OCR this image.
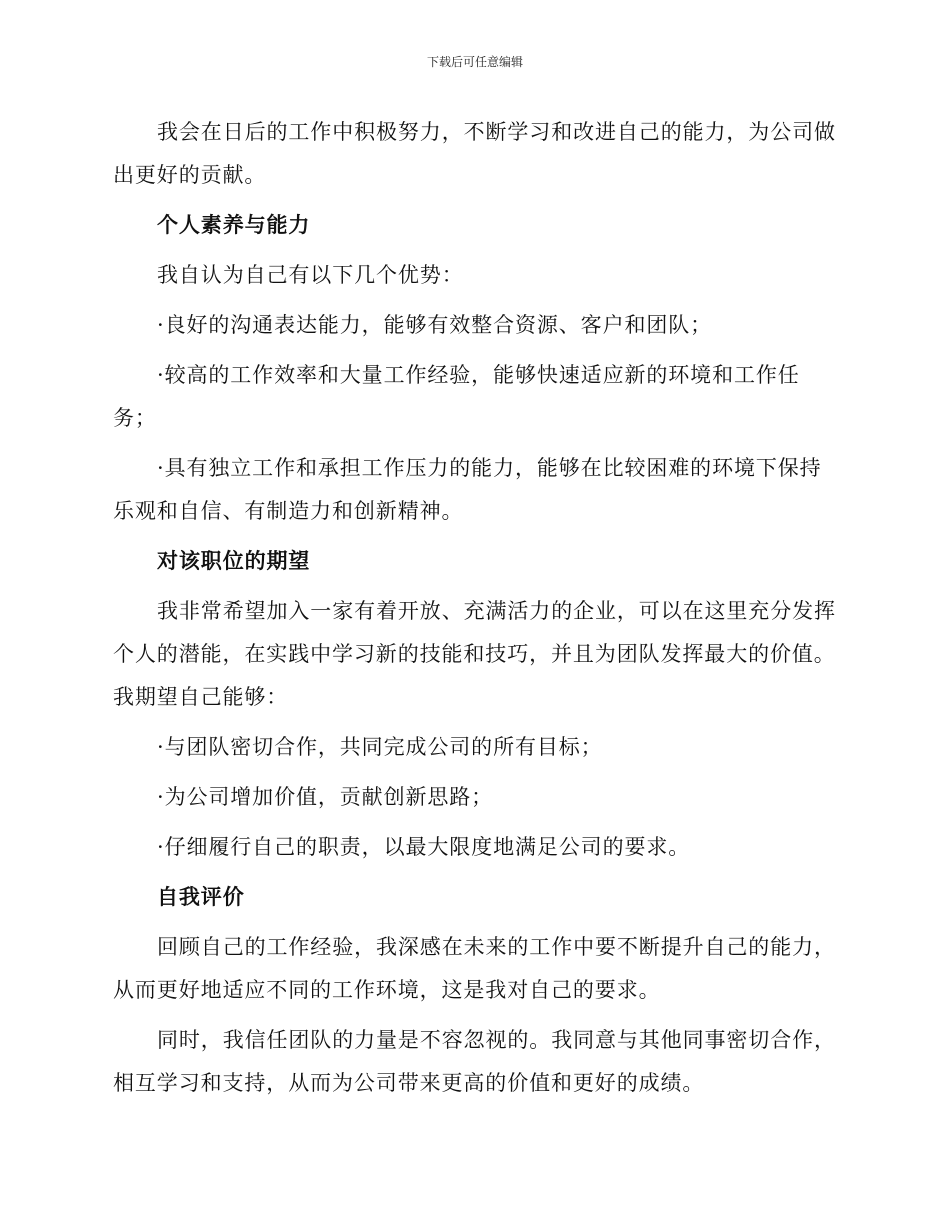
下载后可任意编辑
我会在日后的工作中积极努力，不断学习和改进自己的能力，为公司做出更好的贡献。
个人素养与能力
我自认为自己有以下几个优势：
·良好的沟通表达能力，能够有效整合资源、客户和团队；
·较高的工作效率和大量工作经验，能够快速适应新的环境和工作任务；
·具有独立工作和承担工作压力的能力，能够在比较困难的环境下保持乐观和自信、有制造力和创新精神。
对该职位的期望
我非常希望加入一家有着开放、充满活力的企业，可以在这里充分发挥个人的潜能，在实践中学习新的技能和技巧，并且为团队发挥最大的价值。我期望自己能够：
·与团队密切合作，共同完成公司的所有目标；
·为公司增加价值，贡献创新思路；
·仔细履行自己的职责，以最大限度地满足公司的要求。
自我评价
回顾自己的工作经验，我深感在未来的工作中要不断提升自己的能力，从而更好地适应不同的工作环境，这是我对自己的要求。
同时，我信任团队的力量是不容忽视的。我同意与其他同事密切合作，相互学习和支持，从而为公司带来更高的价值和更好的成绩。
